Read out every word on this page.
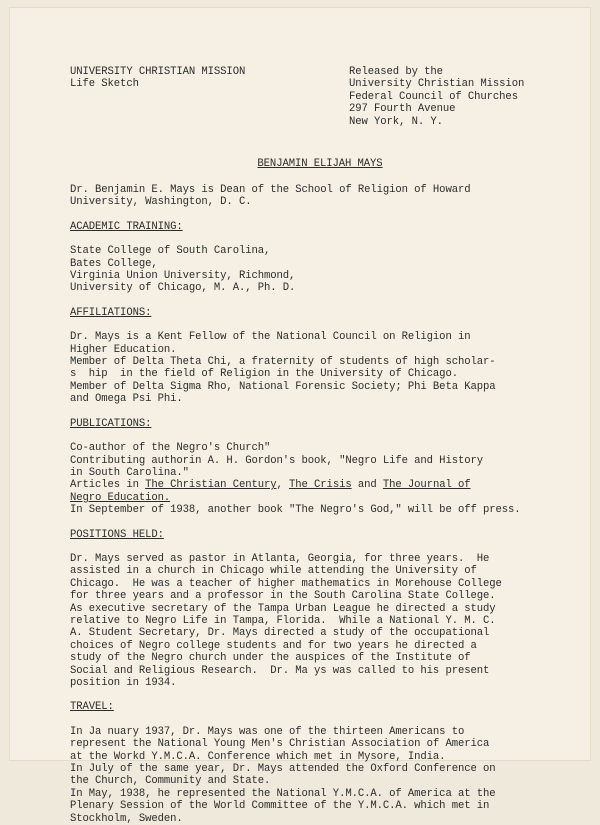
UNIVERSITY CHRISTIAN MISSION
Life Sketch
Released by the
University Christian Mission
Federal Council of Churches
297 Fourth Avenue
New York, N. Y.
BENJAMIN ELIJAH MAYS
Dr. Benjamin E. Mays is Dean of the School of Religion of Howard
University, Washington, D. C.
ACADEMIC TRAINING:
State College of South Carolina,
Bates College,
Virginia Union University, Richmond,
University of Chicago, M. A., Ph. D.
AFFILIATIONS:
Dr. Mays is a Kent Fellow of the National Council on Religion in
Higher Education.
Member of Delta Theta Chi, a fraternity of students of high scholar-
s  hip  in the field of Religion in the University of Chicago.
Member of Delta Sigma Rho, National Forensic Society; Phi Beta Kappa
and Omega Psi Phi.
PUBLICATIONS:
Co-author of the Negro's Church"
Contributing authorin A. H. Gordon's book, "Negro Life and History
in South Carolina."
Articles in The Christian Century, The Crisis and The Journal of
Negro Education.
In September of 1938, another book "The Negro's God," will be off press.
POSITIONS HELD:
Dr. Mays served as pastor in Atlanta, Georgia, for three years.  He
assisted in a church in Chicago while attending the University of
Chicago.  He was a teacher of higher mathematics in Morehouse College
for three years and a professor in the South Carolina State College.
As executive secretary of the Tampa Urban League he directed a study
relative to Negro Life in Tampa, Florida.  While a National Y. M. C.
A. Student Secretary, Dr. Mays directed a study of the occupational
choices of Negro college students and for two years he directed a
study of the Negro church under the auspices of the Institute of
Social and Religious Research.  Dr. Ma ys was called to his present
position in 1934.
TRAVEL:
In Ja nuary 1937, Dr. Mays was one of the thirteen Americans to
represent the National Young Men's Christian Association of America
at the Workd Y.M.C.A. Conference which met in Mysore, India.
In July of the same year, Dr. Mays attended the Oxford Conference on
the Church, Community and State.
In May, 1938, he represented the National Y.M.C.A. of America at the
Plenary Session of the World Committee of the Y.M.C.A. which met in
Stockholm, Sweden.
